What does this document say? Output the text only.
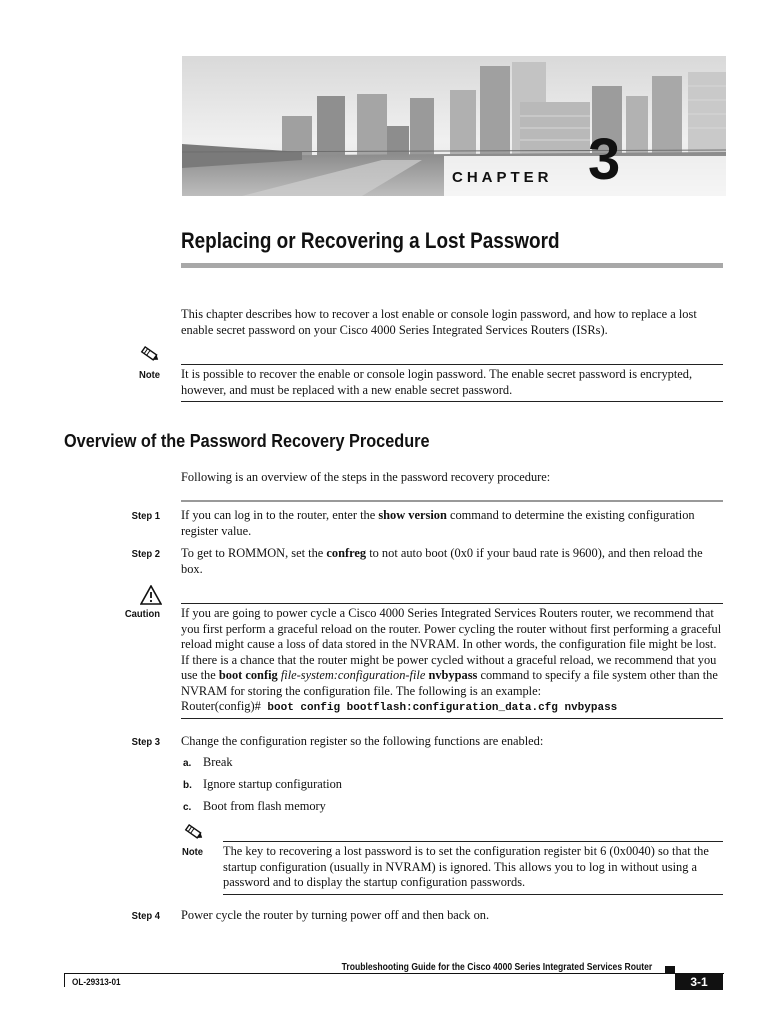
CHAPTER 3
Replacing or Recovering a Lost Password
This chapter describes how to recover a lost enable or console login password, and how to replace a lost enable secret password on your Cisco 4000 Series Integrated Services Routers (ISRs).
Note It is possible to recover the enable or console login password. The enable secret password is encrypted, however, and must be replaced with a new enable secret password.
Overview of the Password Recovery Procedure
Following is an overview of the steps in the password recovery procedure:
Step 1 If you can log in to the router, enter the show version command to determine the existing configuration register value.
Step 2 To get to ROMMON, set the confreg to not auto boot (0x0 if your baud rate is 9600), and then reload the box.
Caution If you are going to power cycle a Cisco 4000 Series Integrated Services Routers router, we recommend that you first perform a graceful reload on the router. Power cycling the router without first performing a graceful reload might cause a loss of data stored in the NVRAM. In other words, the configuration file might be lost. If there is a chance that the router might be power cycled without a graceful reload, we recommend that you use the boot config file-system:configuration-file nvbypass command to specify a file system other than the NVRAM for storing the configuration file. The following is an example:
Router(config)# boot config bootflash:configuration_data.cfg nvbypass
Step 3 Change the configuration register so the following functions are enabled:
a. Break
b. Ignore startup configuration
c. Boot from flash memory
Note The key to recovering a lost password is to set the configuration register bit 6 (0x0040) so that the startup configuration (usually in NVRAM) is ignored. This allows you to log in without using a password and to display the startup configuration passwords.
Step 4 Power cycle the router by turning power off and then back on.
Troubleshooting Guide for the Cisco 4000 Series Integrated Services Router
OL-29313-01	3-1
